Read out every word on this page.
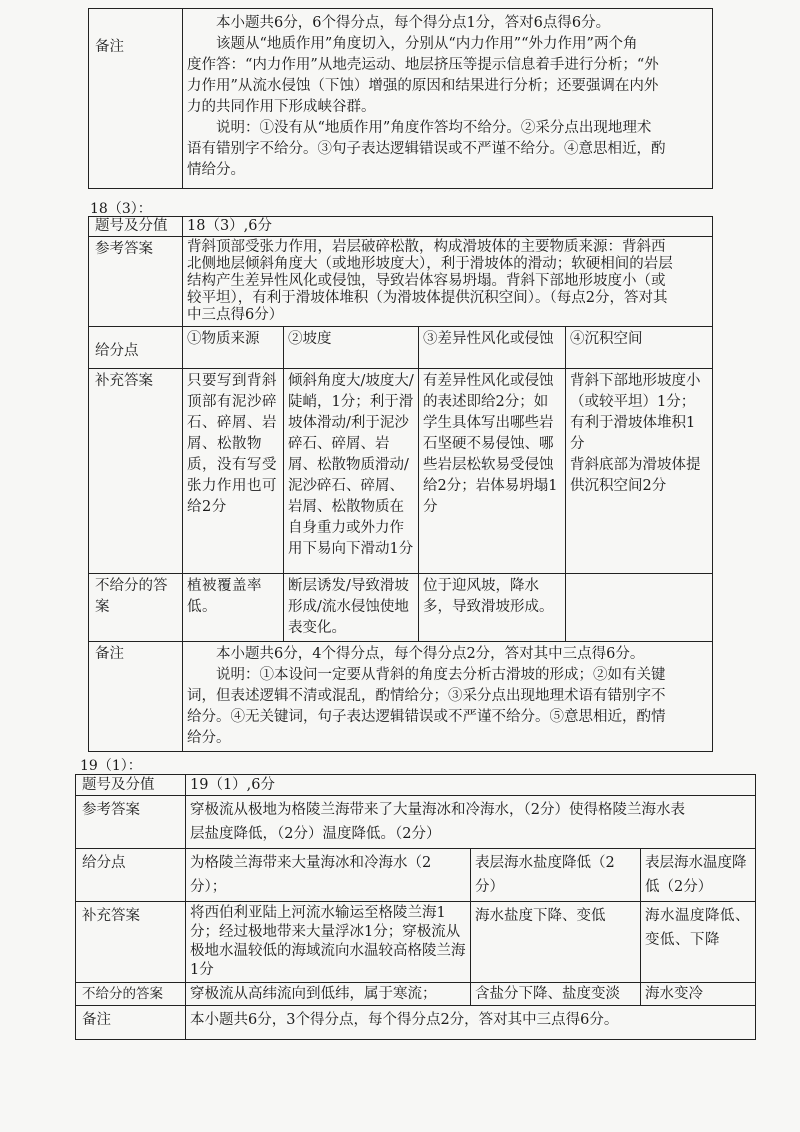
备注	
本小题共6分，6个得分点，每个得分点1分，答对6点得6分。
该题从“地质作用”角度切入，分别从“内力作用”“外力作用”两个角
度作答：“内力作用”从地壳运动、地层挤压等提示信息着手进行分析；“外
力作用”从流水侵蚀（下蚀）增强的原因和结果进行分析；还要强调在内外
力的共同作用下形成峡谷群。
说明：①没有从“地质作用”角度作答均不给分。②采分点出现地理术
语有错别字不给分。③句子表达逻辑错误或不严谨不给分。④意思相近，酌
情给分。
18（3）：
题号及分值	18（3）,6分			
参考答案	背斜顶部受张力作用，岩层破碎松散，构成滑坡体的主要物质来源：背斜西
北侧地层倾斜角度大（或地形坡度大），利于滑坡体的滑动；软硬相间的岩层
结构产生差异性风化或侵蚀，导致岩体容易坍塌。背斜下部地形坡度小（或
较平坦），有利于滑坡体堆积（为滑坡体提供沉积空间）。（每点2分，答对其
中三点得6分）			

给分点	①物质来源	②坡度	③差异性风化或侵蚀	④沉积空间
补充答案	只要写到背斜顶部有泥沙碎石、碎屑、岩屑、松散物质，没有写受张力作用也可给2分	倾斜角度大/坡度大/陡峭，1分；利于滑坡体滑动/利于泥沙碎石、碎屑、岩屑、松散物质滑动/泥沙碎石、碎屑、岩屑、松散物质在自身重力或外力作用下易向下滑动1分	有差异性风化或侵蚀的表述即给2分；如学生具体写出哪些岩石坚硬不易侵蚀、哪些岩层松软易受侵蚀给2分；岩体易坍塌1分	背斜下部地形坡度小（或较平坦）1分；有利于滑坡体堆积1分
背斜底部为滑坡体提供沉积空间2分
不给分的答案	植被覆盖率低。	断层诱发/导致滑坡形成/流水侵蚀使地表变化。	位于迎风坡，降水多，导致滑坡形成。	
备注	本小题共6分，4个得分点，每个得分点2分，答对其中三点得6分。
说明：①本设问一定要从背斜的角度去分析古滑坡的形成；②如有关键
词，但表述逻辑不清或混乱，酌情给分；③采分点出现地理术语有错别字不
给分。④无关键词，句子表达逻辑错误或不严谨不给分。⑤意思相近，酌情
给分。			
19（1）：
题号及分值	19（1）,6分		
参考答案	穿极流从极地为格陵兰海带来了大量海冰和冷海水，（2分）使得格陵兰海水表
层盐度降低，（2分）温度降低。（2分）		

给分点	为格陵兰海带来大量海冰和冷海水（2分）；	表层海水盐度降低（2分）	表层海水温度降低（2分）
补充答案	将西伯利亚陆上河流水输运至格陵兰海1分；经过极地带来大量浮冰1分；穿极流从极地水温较低的海域流向水温较高格陵兰海1分	海水盐度下降、变低	海水温度降低、变低、下降
不给分的答案	穿极流从高纬流向到低纬，属于寒流；	含盐分下降、盐度变淡	海水变冷
备注	本小题共6分，3个得分点，每个得分点2分，答对其中三点得6分。		
